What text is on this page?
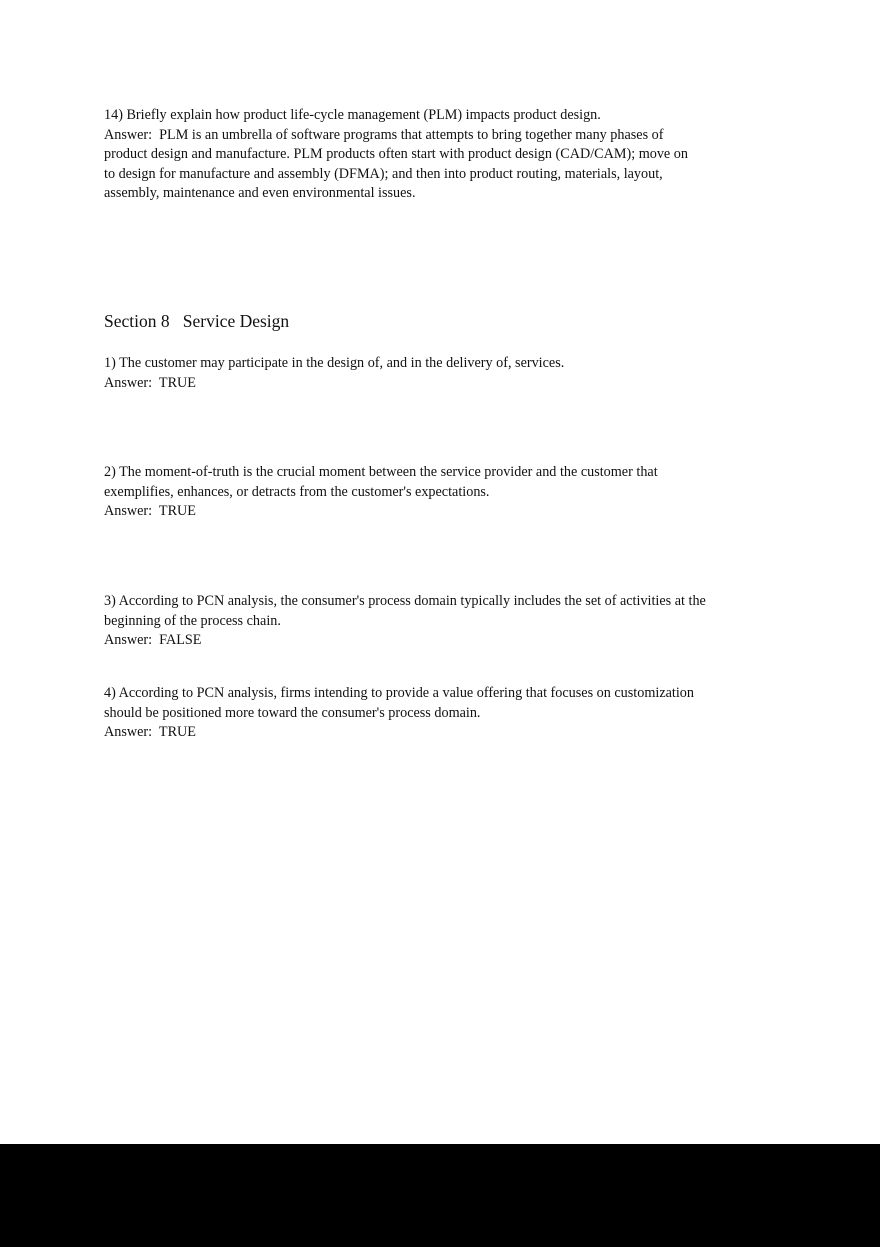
14) Briefly explain how product life-cycle management (PLM) impacts product design.
Answer:  PLM is an umbrella of software programs that attempts to bring together many phases of
product design and manufacture. PLM products often start with product design (CAD/CAM); move on
to design for manufacture and assembly (DFMA); and then into product routing, materials, layout,
assembly, maintenance and even environmental issues.
Section 8   Service Design
1) The customer may participate in the design of, and in the delivery of, services.
Answer:  TRUE
2) The moment-of-truth is the crucial moment between the service provider and the customer that
exemplifies, enhances, or detracts from the customer's expectations.
Answer:  TRUE
3) According to PCN analysis, the consumer's process domain typically includes the set of activities at the
beginning of the process chain.
Answer:  FALSE
4) According to PCN analysis, firms intending to provide a value offering that focuses on customization
should be positioned more toward the consumer's process domain.
Answer:  TRUE
